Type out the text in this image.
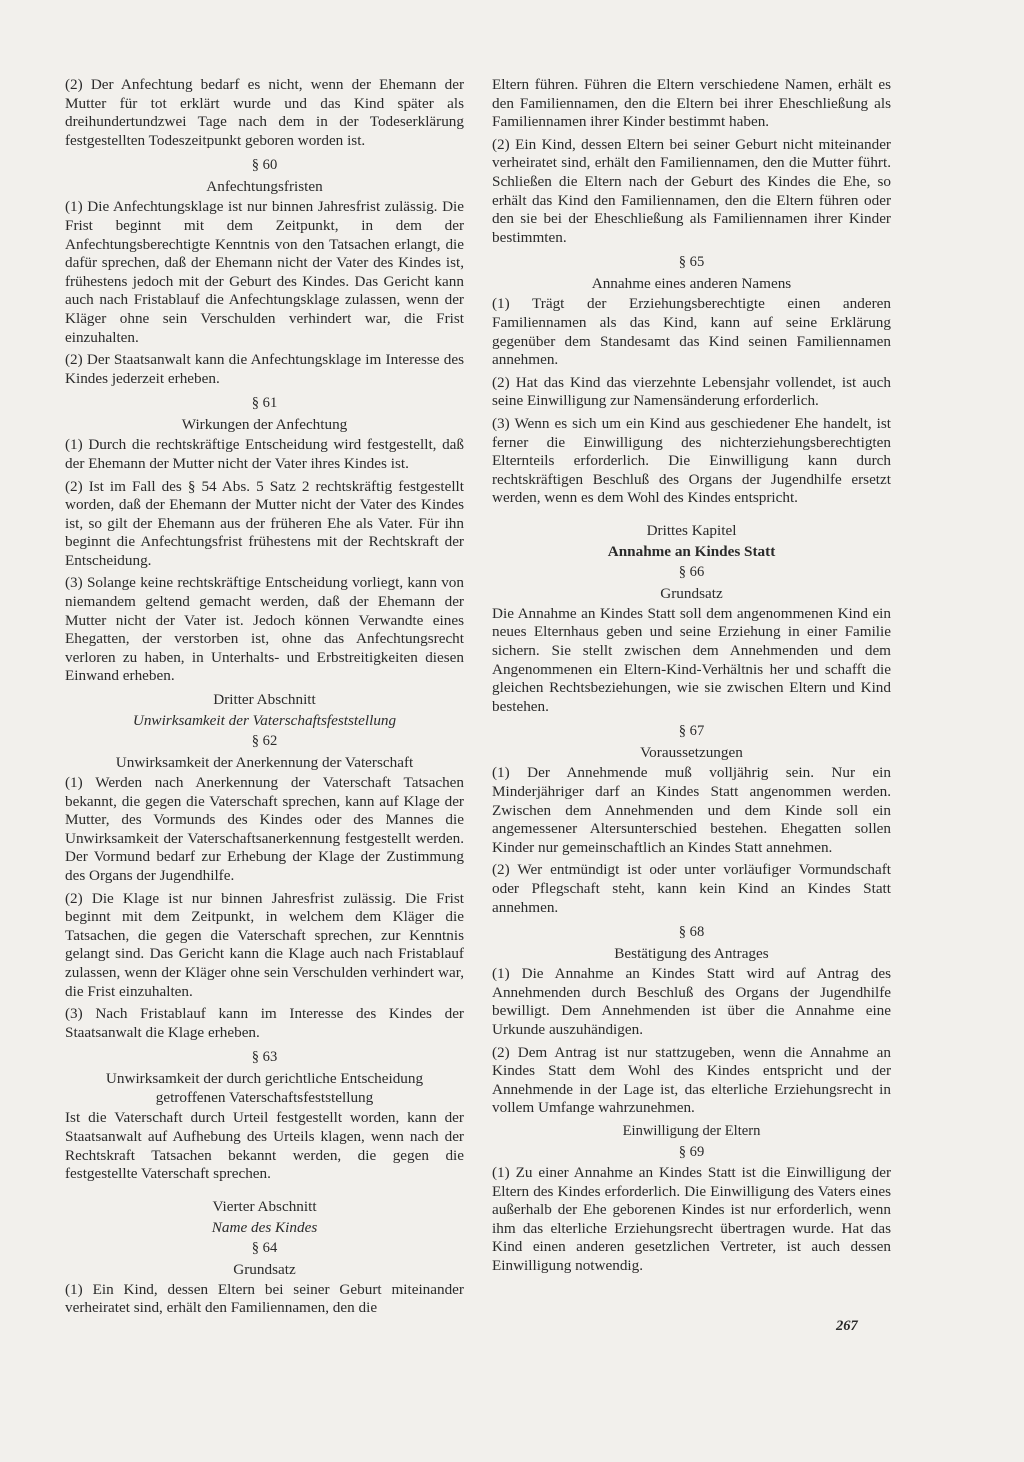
(2) Der Anfechtung bedarf es nicht, wenn der Ehemann der Mutter für tot erklärt wurde und das Kind später als dreihundertundzwei Tage nach dem in der Todeserklärung festgestellten Todeszeitpunkt geboren worden ist.

§ 60
Anfechtungsfristen

(1) Die Anfechtungsklage ist nur binnen Jahresfrist zulässig. Die Frist beginnt mit dem Zeitpunkt, in dem der Anfechtungsberechtigte Kenntnis von den Tatsachen erlangt, die dafür sprechen, daß der Ehemann nicht der Vater des Kindes ist, frühestens jedoch mit der Geburt des Kindes. Das Gericht kann auch nach Fristablauf die Anfechtungsklage zulassen, wenn der Kläger ohne sein Verschulden verhindert war, die Frist einzuhalten.

(2) Der Staatsanwalt kann die Anfechtungsklage im Interesse des Kindes jederzeit erheben.

§ 61
Wirkungen der Anfechtung

(1) Durch die rechtskräftige Entscheidung wird festgestellt, daß der Ehemann der Mutter nicht der Vater ihres Kindes ist.

(2) Ist im Fall des § 54 Abs. 5 Satz 2 rechtskräftig festgestellt worden, daß der Ehemann der Mutter nicht der Vater des Kindes ist, so gilt der Ehemann aus der früheren Ehe als Vater. Für ihn beginnt die Anfechtungsfrist frühestens mit der Rechtskraft der Entscheidung.

(3) Solange keine rechtskräftige Entscheidung vorliegt, kann von niemandem geltend gemacht werden, daß der Ehemann der Mutter nicht der Vater ist. Jedoch können Verwandte eines Ehegatten, der verstorben ist, ohne das Anfechtungsrecht verloren zu haben, in Unterhalts- und Erbstreitigkeiten diesen Einwand erheben.

Dritter Abschnitt
Unwirksamkeit der Vaterschaftsfeststellung
§ 62
Unwirksamkeit der Anerkennung der Vaterschaft

(1) Werden nach Anerkennung der Vaterschaft Tatsachen bekannt, die gegen die Vaterschaft sprechen, kann auf Klage der Mutter, des Vormunds des Kindes oder des Mannes die Unwirksamkeit der Vaterschaftsanerkennung festgestellt werden. Der Vormund bedarf zur Erhebung der Klage der Zustimmung des Organs der Jugendhilfe.

(2) Die Klage ist nur binnen Jahresfrist zulässig. Die Frist beginnt mit dem Zeitpunkt, in welchem dem Kläger die Tatsachen, die gegen die Vaterschaft sprechen, zur Kenntnis gelangt sind. Das Gericht kann die Klage auch nach Fristablauf zulassen, wenn der Kläger ohne sein Verschulden verhindert war, die Frist einzuhalten.

(3) Nach Fristablauf kann im Interesse des Kindes der Staatsanwalt die Klage erheben.

§ 63
Unwirksamkeit der durch gerichtliche Entscheidung
getroffenen Vaterschaftsfeststellung

Ist die Vaterschaft durch Urteil festgestellt worden, kann der Staatsanwalt auf Aufhebung des Urteils klagen, wenn nach der Rechtskraft Tatsachen bekannt werden, die gegen die festgestellte Vaterschaft sprechen.

Vierter Abschnitt
Name des Kindes
§ 64
Grundsatz

(1) Ein Kind, dessen Eltern bei seiner Geburt miteinander verheiratet sind, erhält den Familiennamen, den die

Eltern führen. Führen die Eltern verschiedene Namen, erhält es den Familiennamen, den die Eltern bei ihrer Eheschließung als Familiennamen ihrer Kinder bestimmt haben.

(2) Ein Kind, dessen Eltern bei seiner Geburt nicht miteinander verheiratet sind, erhält den Familiennamen, den die Mutter führt. Schließen die Eltern nach der Geburt des Kindes die Ehe, so erhält das Kind den Familiennamen, den die Eltern führen oder den sie bei der Eheschließung als Familiennamen ihrer Kinder bestimmten.

§ 65
Annahme eines anderen Namens

(1) Trägt der Erziehungsberechtigte einen anderen Familiennamen als das Kind, kann auf seine Erklärung gegenüber dem Standesamt das Kind seinen Familiennamen annehmen.

(2) Hat das Kind das vierzehnte Lebensjahr vollendet, ist auch seine Einwilligung zur Namensänderung erforderlich.

(3) Wenn es sich um ein Kind aus geschiedener Ehe handelt, ist ferner die Einwilligung des nichterziehungsberechtigten Elternteils erforderlich. Die Einwilligung kann durch rechtskräftigen Beschluß des Organs der Jugendhilfe ersetzt werden, wenn es dem Wohl des Kindes entspricht.

Drittes Kapitel
Annahme an Kindes Statt
§ 66
Grundsatz

Die Annahme an Kindes Statt soll dem angenommenen Kind ein neues Elternhaus geben und seine Erziehung in einer Familie sichern. Sie stellt zwischen dem Annehmenden und dem Angenommenen ein Eltern-Kind-Verhältnis her und schafft die gleichen Rechtsbeziehungen, wie sie zwischen Eltern und Kind bestehen.

§ 67
Voraussetzungen

(1) Der Annehmende muß volljährig sein. Nur ein Minderjähriger darf an Kindes Statt angenommen werden. Zwischen dem Annehmenden und dem Kinde soll ein angemessener Altersunterschied bestehen. Ehegatten sollen Kinder nur gemeinschaftlich an Kindes Statt annehmen.

(2) Wer entmündigt ist oder unter vorläufiger Vormundschaft oder Pflegschaft steht, kann kein Kind an Kindes Statt annehmen.

§ 68
Bestätigung des Antrages

(1) Die Annahme an Kindes Statt wird auf Antrag des Annehmenden durch Beschluß des Organs der Jugendhilfe bewilligt. Dem Annehmenden ist über die Annahme eine Urkunde auszuhändigen.

(2) Dem Antrag ist nur stattzugeben, wenn die Annahme an Kindes Statt dem Wohl des Kindes entspricht und der Annehmende in der Lage ist, das elterliche Erziehungsrecht in vollem Umfange wahrzunehmen.

Einwilligung der Eltern
§ 69

(1) Zu einer Annahme an Kindes Statt ist die Einwilligung der Eltern des Kindes erforderlich. Die Einwilligung des Vaters eines außerhalb der Ehe geborenen Kindes ist nur erforderlich, wenn ihm das elterliche Erziehungsrecht übertragen wurde. Hat das Kind einen anderen gesetzlichen Vertreter, ist auch dessen Einwilligung notwendig.

267
